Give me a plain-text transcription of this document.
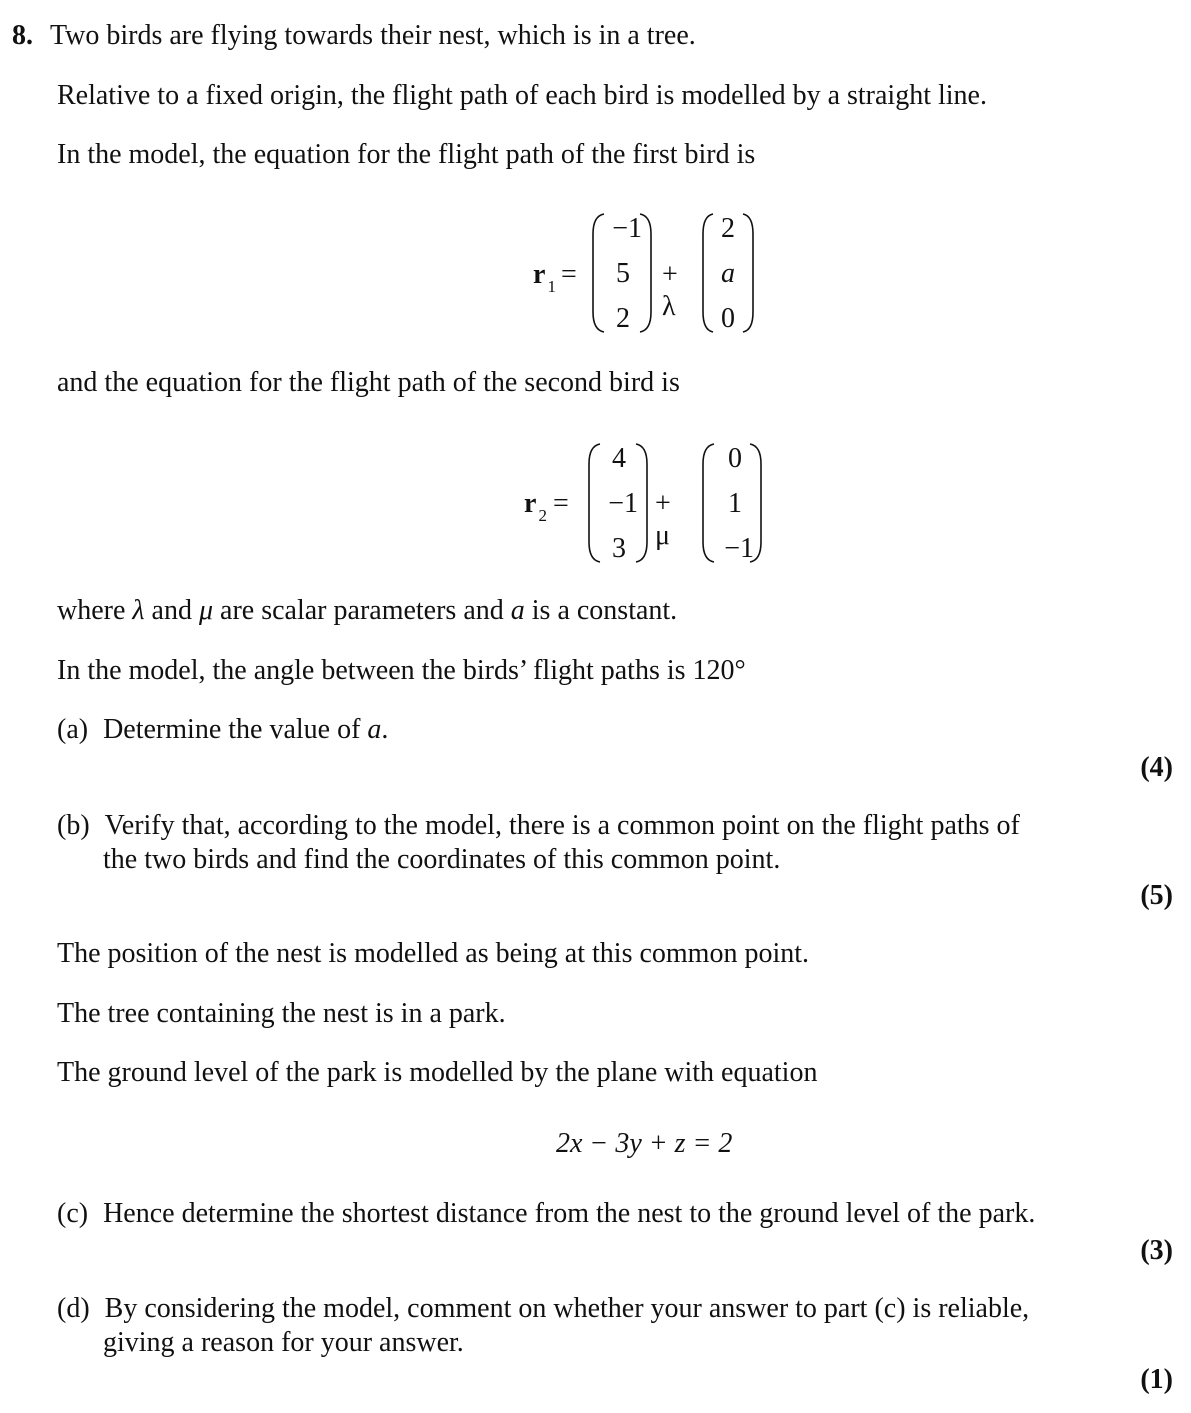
8. Two birds are flying towards their nest, which is in a tree.
Relative to a fixed origin, the flight path of each bird is modelled by a straight line.
In the model, the equation for the flight path of the first bird is
r $_1$ =
−1
5
2
+ λ
2
a
0
and the equation for the flight path of the second bird is
r $_2$ =
4
−1
3
+ μ
0
1
−1
where λ and μ are scalar parameters and a is a constant.
In the model, the angle between the birds’ flight paths is 120°
(a) Determine the value of a.
(4)
(b) Verify that, according to the model, there is a common point on the flight paths of
the two birds and find the coordinates of this common point.
(5)
The position of the nest is modelled as being at this common point.
The tree containing the nest is in a park.
The ground level of the park is modelled by the plane with equation
2x − 3y + z = 2
(c) Hence determine the shortest distance from the nest to the ground level of the park.
(3)
(d) By considering the model, comment on whether your answer to part (c) is reliable,
giving a reason for your answer.
(1)
